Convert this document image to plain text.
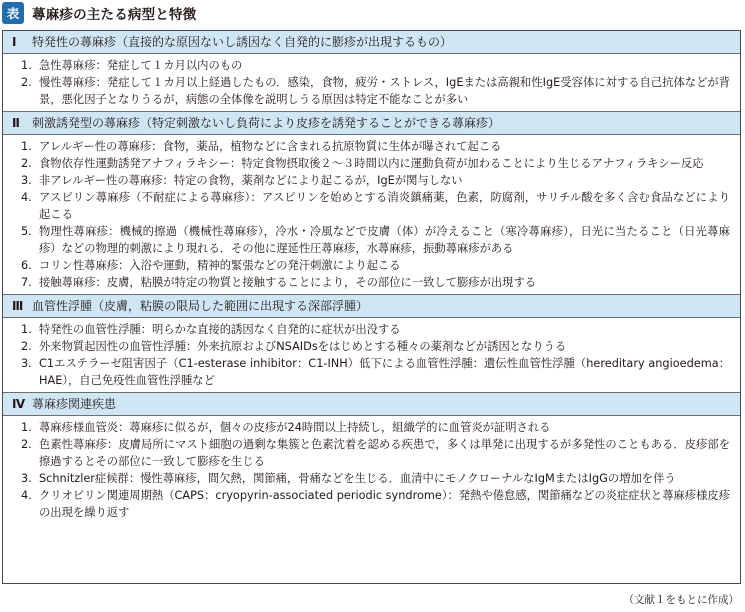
表 蕁麻疹の主たる病型と特徴
Ⅰ	特発性の蕁麻疹（直接的な原因ないし誘因なく自発的に膨疹が出現するもの）
1. 急性蕁麻疹：発症して１カ月以内のもの
2. 慢性蕁麻疹：発症して１カ月以上経過したもの．感染，食物，疲労・ストレス，IgEまたは高親和性IgE受容体に対する自己抗体などが背景，悪化因子となりうるが，病態の全体像を説明しうる原因は特定不能なことが多い
Ⅱ	刺激誘発型の蕁麻疹（特定刺激ないし負荷により皮疹を誘発することができる蕁麻疹）
1. アレルギー性の蕁麻疹：食物，薬品，植物などに含まれる抗原物質に生体が曝されて起こる
2. 食物依存性運動誘発アナフィラキシー：特定食物摂取後２〜３時間以内に運動負荷が加わることにより生じるアナフィラキシー反応
3. 非アレルギー性の蕁麻疹：特定の食物，薬剤などにより起こるが，IgEが関与しない
4. アスピリン蕁麻疹（不耐症による蕁麻疹）：アスピリンを始めとする消炎鎮痛薬，色素，防腐剤，サリチル酸を多く含む食品などにより起こる
5. 物理性蕁麻疹：機械的擦過（機械性蕁麻疹），冷水・冷風などで皮膚（体）が冷えること（寒冷蕁麻疹），日光に当たること（日光蕁麻疹）などの物理的刺激により現れる．その他に遅延性圧蕁麻疹，水蕁麻疹，振動蕁麻疹がある
6. コリン性蕁麻疹：入浴や運動，精神的緊張などの発汗刺激により起こる
7. 接触蕁麻疹：皮膚，粘膜が特定の物質と接触することにより，その部位に一致して膨疹が出現する
Ⅲ 血管性浮腫（皮膚，粘膜の限局した範囲に出現する深部浮腫）
1. 特発性の血管性浮腫：明らかな直接的誘因なく自発的に症状が出没する
2. 外来物質起因性の血管性浮腫：外来抗原およびNSAIDsをはじめとする種々の薬剤などが誘因となりうる
3. C1エステラーゼ阻害因子（C1-esterase inhibitor：C1-INH）低下による血管性浮腫：遺伝性血管性浮腫（hereditary angioedema：HAE），自己免疫性血管性浮腫など
Ⅳ 蕁麻疹関連疾患
1. 蕁麻疹様血管炎：蕁麻疹に似るが，個々の皮疹が24時間以上持続し，組織学的に血管炎が証明される
2. 色素性蕁麻疹：皮膚局所にマスト細胞の過剰な集簇と色素沈着を認める疾患で，多くは単発に出現するが多発性のこともある．皮疹部を擦過するとその部位に一致して膨疹を生じる
3. Schnitzler症候群：慢性蕁麻疹，間欠熱，関節痛，骨痛などを生じる．血清中にモノクローナルなIgMまたはIgGの増加を伴う
4. クリオピリン関連周期熱（CAPS：cryopyrin-associated periodic syndrome）：発熱や倦怠感，関節痛などの炎症症状と蕁麻疹様皮疹の出現を繰り返す
（文献１をもとに作成）
